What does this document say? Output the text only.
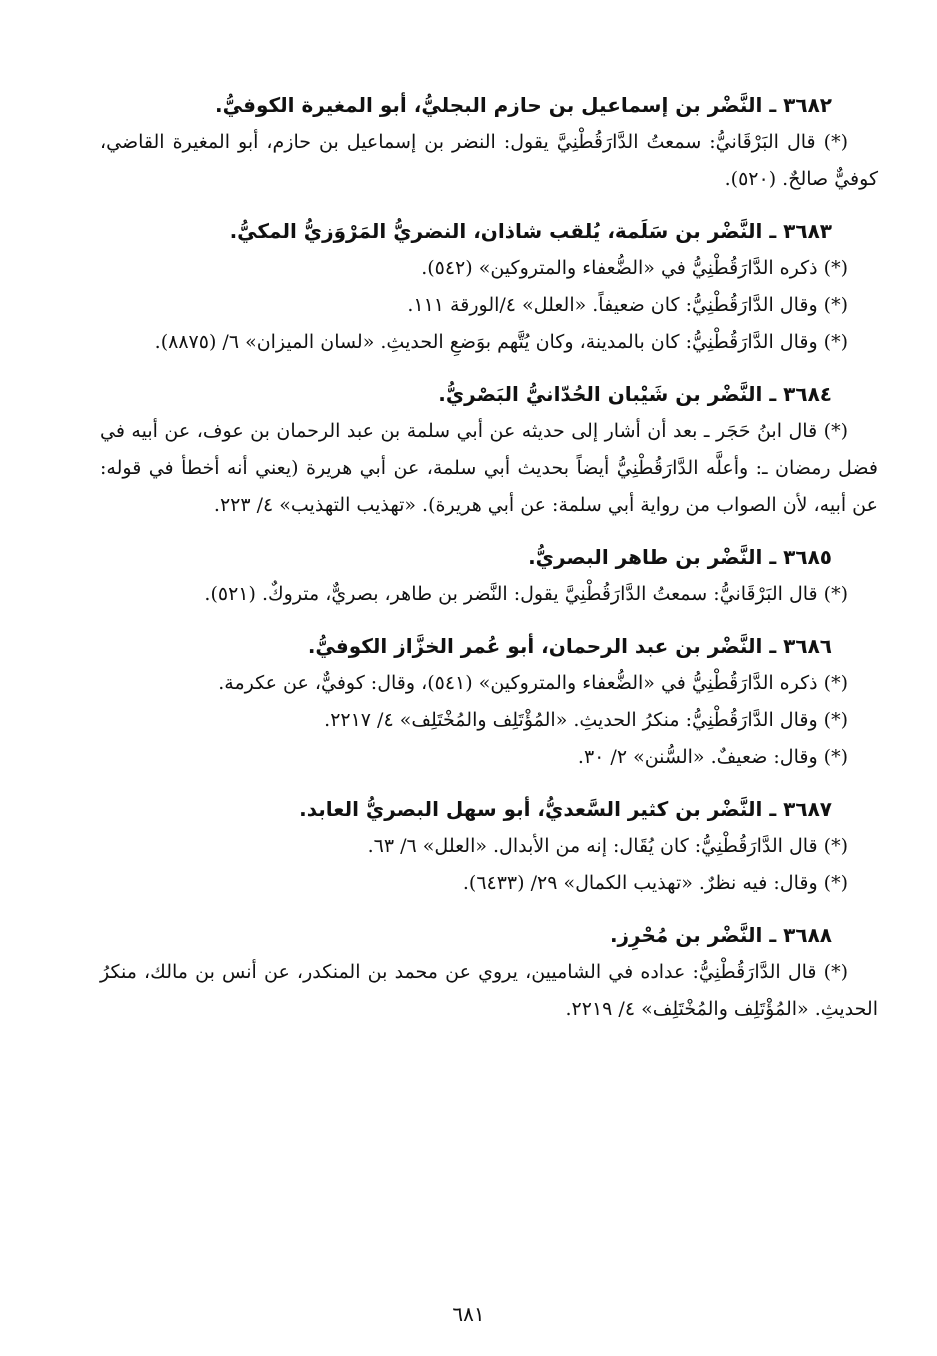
٣٦٨٢ ـ النَّضْر بن إسماعيل بن حازم البجليُّ، أبو المغيرة الكوفيُّ.

(*) قال البَرْقَانيُّ: سمعتُ الدَّارَقُطْنِيَّ يقول: النضر بن إسماعيل بن حازم، أبو المغيرة القاضي، كوفيٌّ صالحٌ. (٥٢٠).

٣٦٨٣ ـ النَّضْر بن سَلَمة، يُلقب شاذان، النضريُّ المَرْوَزيُّ المكيُّ.

(*) ذكره الدَّارَقُطْنِيُّ في «الضُّعفاء والمتروكين» (٥٤٢).

(*) وقال الدَّارَقُطْنِيُّ: كان ضعيفاً. «العلل» ٤/الورقة ١١١.

(*) وقال الدَّارَقُطْنِيُّ: كان بالمدينة، وكان يُتَّهم بوَضعِ الحديثِ. «لسان الميزان» ٦/ (٨٨٧٥).

٣٦٨٤ ـ النَّضْر بن شَيْبان الحُدّانيُّ البَصْريُّ.

(*) قال ابنُ حَجَر ـ بعد أن أشار إلى حديثه عن أبي سلمة بن عبد الرحمان بن عوف، عن أبيه في فضل رمضان ـ: وأعلَّه الدَّارَقُطْنِيُّ أيضاً بحديث أبي سلمة، عن أبي هريرة (يعني أنه أخطأ في قوله: عن أبيه، لأن الصواب من رواية أبي سلمة: عن أبي هريرة). «تهذيب التهذيب» ٤/ ٢٢٣.

٣٦٨٥ ـ النَّضْر بن طاهر البصريُّ.

(*) قال البَرْقَانيُّ: سمعتُ الدَّارَقُطْنِيَّ يقول: النَّضر بن طاهر، بصريٌّ، متروكٌ. (٥٢١).

٣٦٨٦ ـ النَّضْر بن عبد الرحمان، أبو عُمر الخزَّاز الكوفيُّ.

(*) ذكره الدَّارَقُطْنِيُّ في «الضُّعفاء والمتروكين» (٥٤١)، وقال: كوفيٌّ، عن عكرمة.

(*) وقال الدَّارَقُطْنِيُّ: منكرُ الحديثِ. «المُؤْتَلِف والمُخْتَلِف» ٤/ ٢٢١٧.

(*) وقال: ضعيفٌ. «السُّنن» ٢/ ٣٠.

٣٦٨٧ ـ النَّضْر بن كثير السَّعديُّ، أبو سهل البصريُّ العابد.

(*) قال الدَّارَقُطْنِيُّ: كان يُقَال: إنه من الأبدال. «العلل» ٦/ ٦٣.

(*) وقال: فيه نظرٌ. «تهذيب الكمال» ٢٩/ (٦٤٣٣).

٣٦٨٨ ـ النَّضْر بن مُحْرِز.

(*) قال الدَّارَقُطْنِيُّ: عداده في الشاميين، يروي عن محمد بن المنكدر، عن أنس بن مالك، منكرُ الحديثِ. «المُؤْتَلِف والمُخْتَلِف» ٤/ ٢٢١٩.

٦٨١
